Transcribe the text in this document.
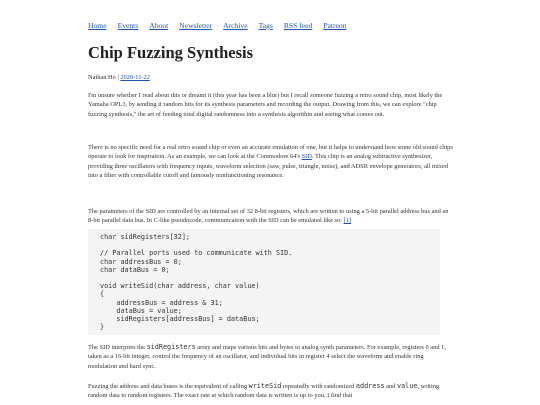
Home Events About Newsletter Archive Tags RSS feed Patreon
Chip Fuzzing Synthesis
Nathan Ho | 2020-11-22

I'm unsure whether I read about this or dreamt it (this year has been a blur) but I recall someone fuzzing a retro sound chip, most likely the Yamaha OPL3, by sending it random bits for its synthesis parameters and recording the output. Drawing from this, we can explore "chip fuzzing synthesis," the art of feeding total digital randomness into a synthesis algorithm and seeing what comes out.

There is no specific need for a real retro sound chip or even an accurate emulation of one, but it helps to understand how some old sound chips operate to look for inspiration. As an example, we can look at the Commodore 64's SID. This chip is an analog subtractive synthesizer, providing three oscillators with frequency inputs, waveform selection (saw, pulse, triangle, noise), and ADSR envelope generators, all mixed into a filter with controllable cutoff and famously nonfunctioning resonance.

The parameters of the SID are controlled by an internal set of 32 8-bit registers, which are written to using a 5-bit parallel address bus and an 8-bit parallel data bus. In C-like pseudocode, communication with the SID can be emulated like so: [1]

char sidRegisters[32];

// Parallel ports used to communicate with SID.
char addressBus = 0;
char dataBus = 0;

void writeSid(char address, char value)
{
addressBus = address & 31;
dataBus = value;
sidRegisters[addressBus] = dataBus;
}

The SID interprets the sidRegisters array and maps various bits and bytes to analog synth parameters. For example, registers 0 and 1, taken as a 16-bit integer, control the frequency of an oscillator, and individual bits in register 4 select the waveform and enable ring modulation and hard sync.

Fuzzing the address and data buses is the equivalent of calling writeSid repeatedly with randomized address and value, writing random data to random registers. The exact rate at which random data is written is up to you. I find that
